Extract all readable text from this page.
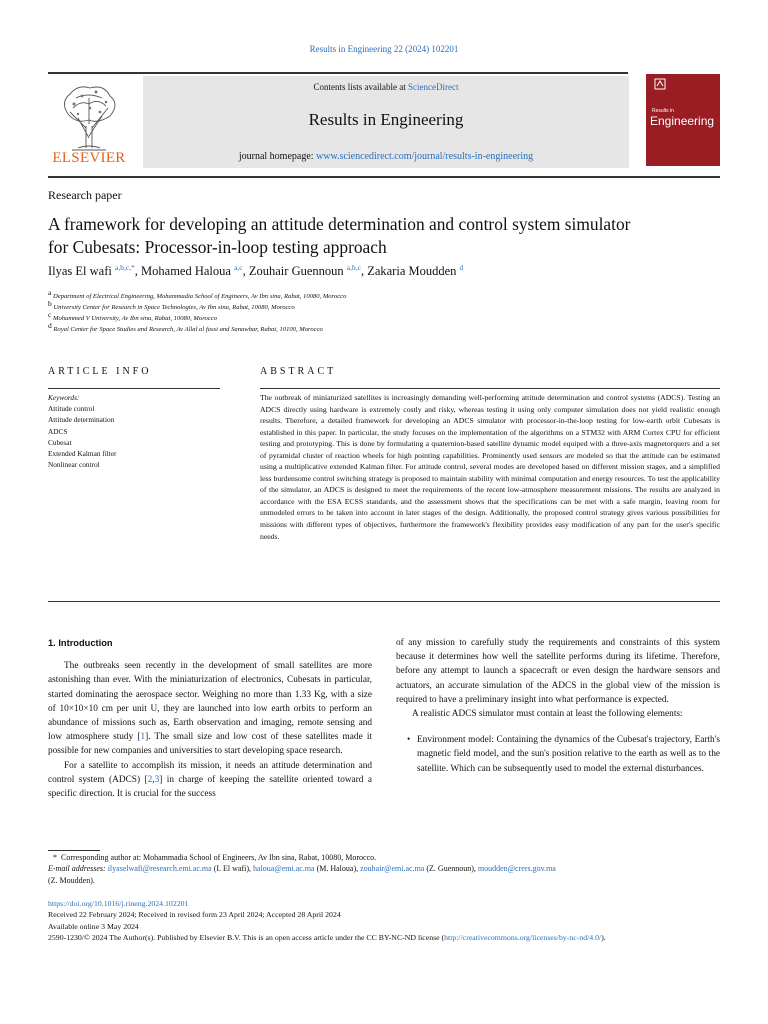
Results in Engineering 22 (2024) 102201
ELSEVIER
Contents lists available at ScienceDirect
Results in Engineering
journal homepage: www.sciencedirect.com/journal/results-in-engineering
Results in
Engineering
Research paper
A framework for developing an attitude determination and control system simulator for Cubesats: Processor-in-loop testing approach
Ilyas El wafi $^{a,b,c,*}$, Mohamed Haloua $^{a,c}$, Zouhair Guennoun $^{a,b,c}$, Zakaria Moudden $^d$
$^a$ Department of Electrical Engineering, Mohammadia School of Engineers, Av Ibn sina, Rabat, 10080, Morocco
$^b$ University Center for Research in Space Technologies, Av Ibn sina, Rabat, 10080, Morocco
$^c$ Mohammed V University, Av Ibn sina, Rabat, 10080, Morocco
$^d$ Royal Center for Space Studies and Research, Av Allal al fassi and Sanawbar, Rabat, 10100, Morocco
ARTICLE INFO	ABSTRACT
Keywords:
Attitude control
Attitude determination
ADCS
Cubesat
Extended Kalman filter
Nonlinear control
The outbreak of miniaturized satellites is increasingly demanding well-performing attitude determination and control systems (ADCS). Testing an ADCS directly using hardware is extremely costly and risky, whereas testing it using only computer simulation does not yield realistic enough results. Therefore, a detailed framework for developing an ADCS simulator with processor-in-the-loop testing for low-earth orbit Cubesats is established in this paper. In particular, the study focuses on the implementation of the algorithms on a STM32 with ARM Cortex CPU for efficient testing and prototyping. This is done by formulating a quaternion-based satellite dynamic model equiped with a three-axis magnetorquers and a set of pyramidal cluster of reaction wheels for high pointing capabilities. Prominently used sensors are modeled so that the attitude can be estimated using a multiplicative extended Kalman filter. For attitude control, several modes are developed based on different mission stages, and a simplified less burdensome control switching strategy is proposed to maintain stability with minimal computation and energy resources. To test the applicability of the simulator, an ADCS is designed to meet the requirements of the recent low-atmosphere measurement missions. The results are analyzed in accordance with the ESA ECSS standards, and the assessment shows that the specifications can be met with a safe margin, leaving room for unmodeled errors to be taken into account in later stages of the design. Additionally, the proposed control strategy gives various possibilities for missions with different types of objectives, furthermore the framework's flexibility provides easy modification of any part for the user's specific needs.
1. Introduction

The outbreaks seen recently in the development of small satellites are more astonishing than ever. With the miniaturization of electronics, Cubesats in particular, started dominating the aerospace sector. Weighing no more than 1.33 Kg, with a size of 10×10×10 cm per unit U, they are launched into low earth orbits to perform an abundance of missions such as, Earth observation and imaging, remote sensing and low atmosphere study [1]. The small size and low cost of these satellites made it possible for new companies and universities to start developing space research.

For a satellite to accomplish its mission, it needs an attitude determination and control system (ADCS) [2,3] in charge of keeping the satellite oriented toward a specific direction. It is crucial for the success

of any mission to carefully study the requirements and constraints of this system because it determines how well the satellite performs during its lifetime. Therefore, before any attempt to launch a spacecraft or even design the hardware sensors and actuators, an accurate simulation of the ADCS in the global view of the mission is required to have a preliminary insight into what performance is expected.

A realistic ADCS simulator must contain at least the following elements:

• Environment model: Containing the dynamics of the Cubesat's trajectory, Earth's magnetic field model, and the sun's position relative to the earth as well as to the satellite. Which can be subsequently used to model the external disturbances.
* Corresponding author at: Mohammadia School of Engineers, Av Ibn sina, Rabat, 10080, Morocco.
E-mail addresses: ilyaselwafi@research.emi.ac.ma (I. El wafi), haloua@emi.ac.ma (M. Haloua), zouhair@emi.ac.ma (Z. Guennoun), moudden@crers.gov.ma
(Z. Moudden).
https://doi.org/10.1016/j.rineng.2024.102201
Received 22 February 2024; Received in revised form 23 April 2024; Accepted 28 April 2024
Available online 3 May 2024
2590-1230/© 2024 The Author(s). Published by Elsevier B.V. This is an open access article under the CC BY-NC-ND license (http://creativecommons.org/licenses/by-nc-nd/4.0/).
